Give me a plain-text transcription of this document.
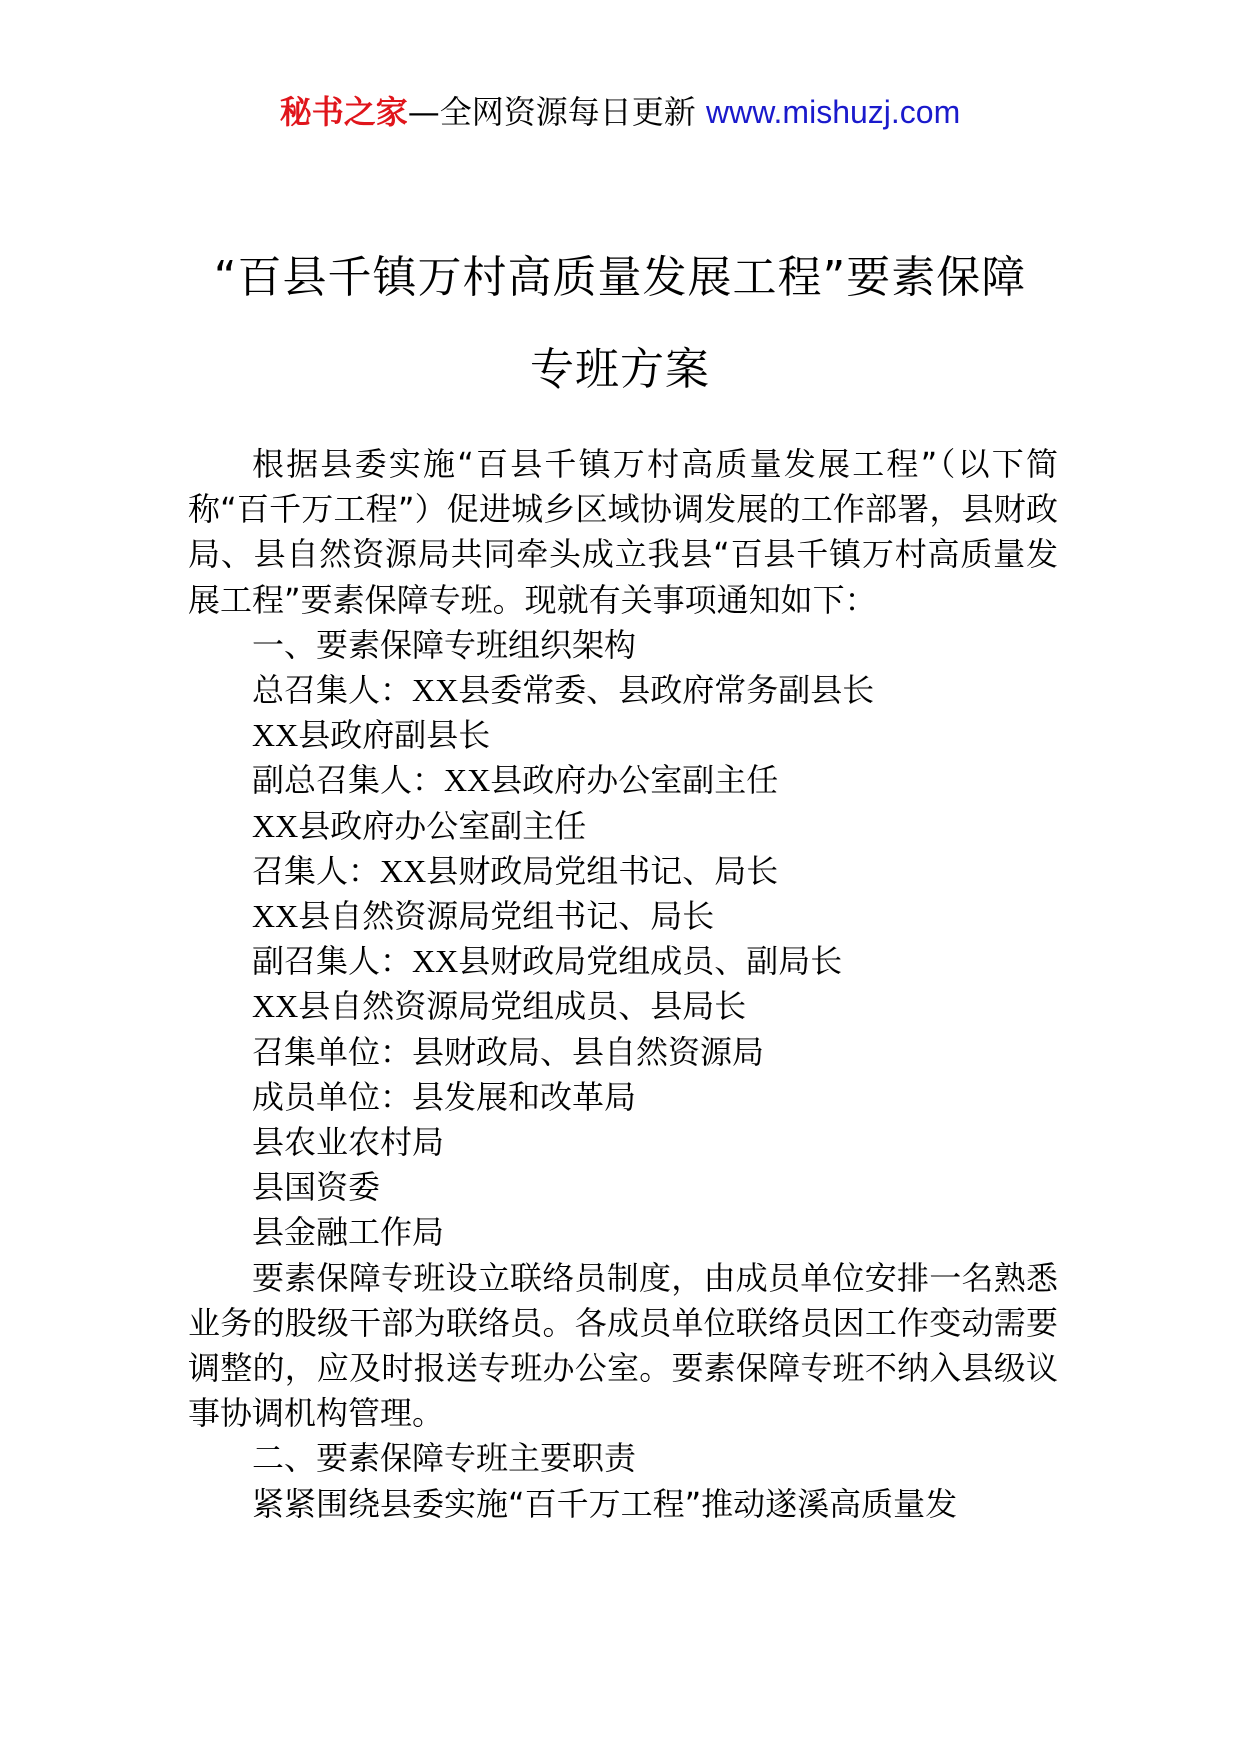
秘书之家—全网资源每日更新 www.mishuzj.com
“百县千镇万村高质量发展工程”要素保障
专班方案

根据县委实施“百县千镇万村高质量发展工程”（以下简称“百千万工程”）促进城乡区域协调发展的工作部署，县财政局、县自然资源局共同牵头成立我县“百县千镇万村高质量发展工程”要素保障专班。现就有关事项通知如下：

一、要素保障专班组织架构

总召集人：XX县委常委、县政府常务副县长

XX县政府副县长

副总召集人：XX县政府办公室副主任

XX县政府办公室副主任

召集人：XX县财政局党组书记、局长

XX县自然资源局党组书记、局长

副召集人：XX县财政局党组成员、副局长

XX县自然资源局党组成员、县局长

召集单位：县财政局、县自然资源局

成员单位：县发展和改革局

县农业农村局

县国资委

县金融工作局

要素保障专班设立联络员制度，由成员单位安排一名熟悉业务的股级干部为联络员。各成员单位联络员因工作变动需要调整的，应及时报送专班办公室。要素保障专班不纳入县级议事协调机构管理。

二、要素保障专班主要职责

紧紧围绕县委实施“百千万工程”推动遂溪高质量发
